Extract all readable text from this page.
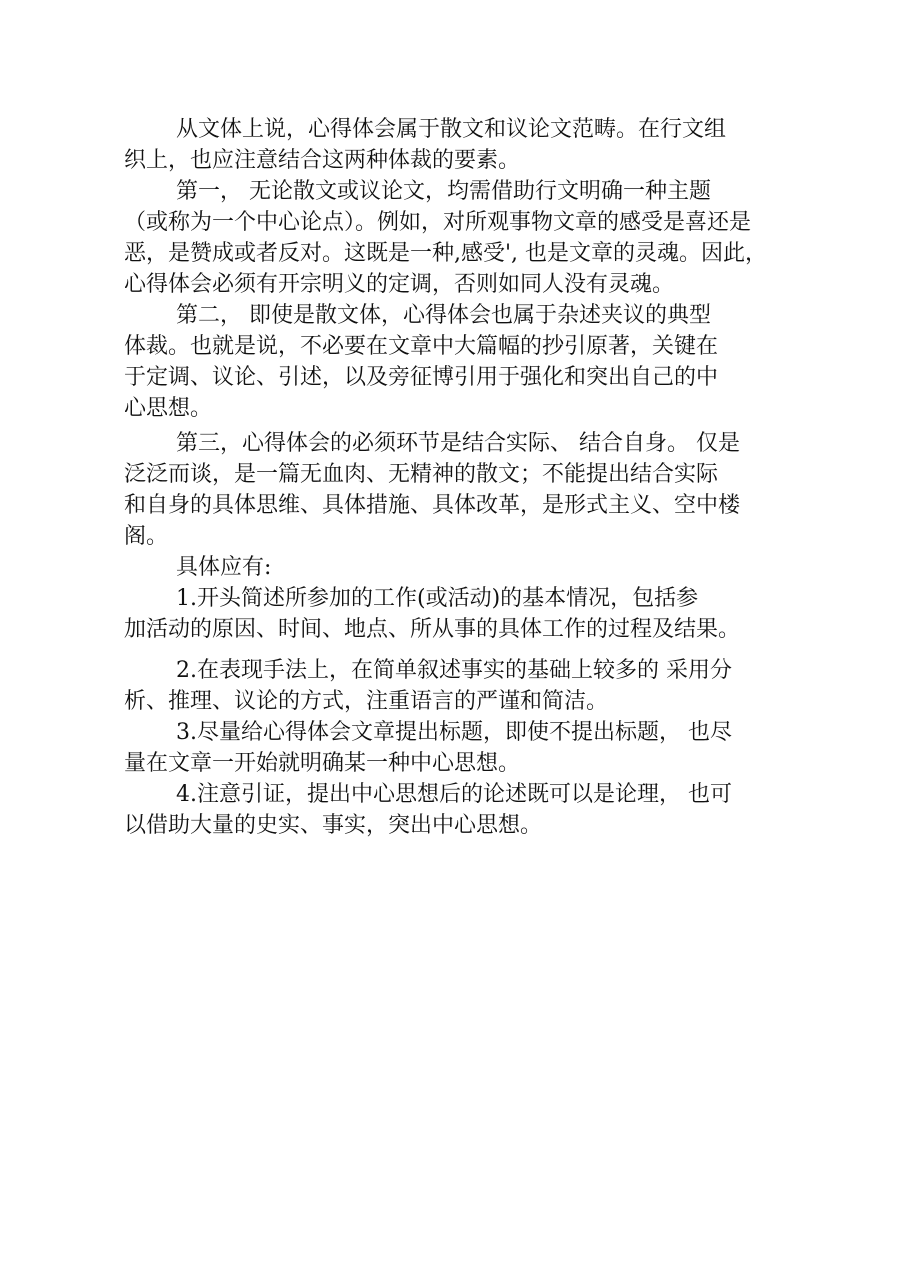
从文体上说，心得体会属于散文和议论文范畴。在行文组
织上，也应注意结合这两种体裁的要素。

第一， 无论散文或议论文，均需借助行文明确一种主题
（或称为一个中心论点）。例如，对所观事物文章的感受是喜还是
恶，是赞成或者反对。这既是一种,感受', 也是文章的灵魂。因此，
心得体会必须有开宗明义的定调，否则如同人没有灵魂。

第二， 即使是散文体，心得体会也属于杂述夹议的典型
体裁。也就是说，不必要在文章中大篇幅的抄引原著，关键在
于定调、议论、引述，以及旁征博引用于强化和突出自己的中
心思想。

第三，心得体会的必须环节是结合实际、 结合自身。 仅是
泛泛而谈，是一篇无血肉、无精神的散文；不能提出结合实际
和自身的具体思维、具体措施、具体改革，是形式主义、空中楼
阁。

具体应有:

1.开头简述所参加的工作(或活动)的基本情况，包括参
加活动的原因、时间、地点、所从事的具体工作的过程及结果。

2.在表现手法上，在简单叙述事实的基础上较多的 采用分
析、推理、议论的方式，注重语言的严谨和简洁。

3.尽量给心得体会文章提出标题，即使不提出标题， 也尽
量在文章一开始就明确某一种中心思想。

4.注意引证，提出中心思想后的论述既可以是论理， 也可
以借助大量的史实、事实，突出中心思想。
